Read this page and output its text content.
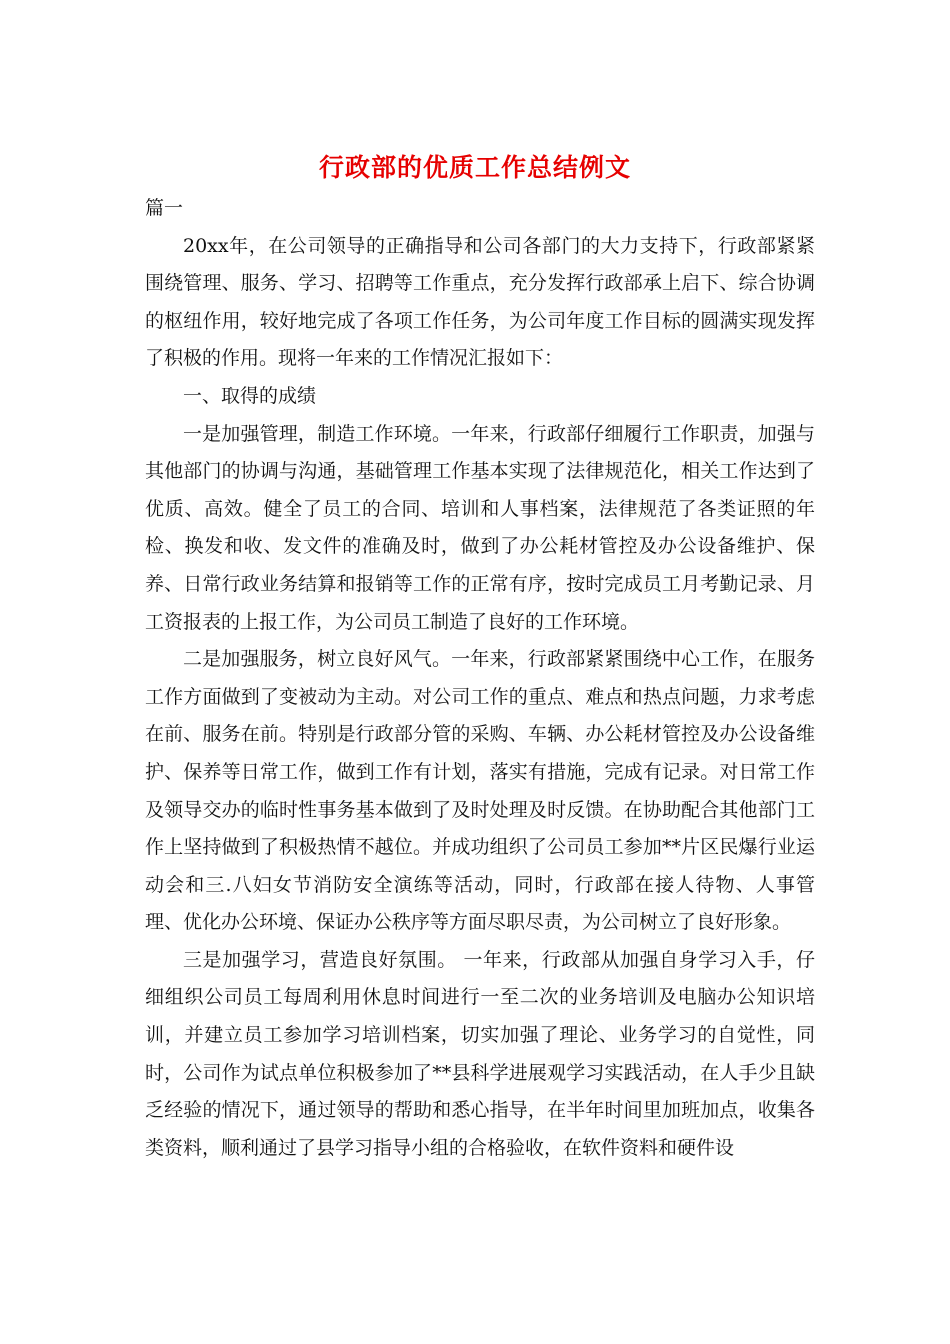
行政部的优质工作总结例文

篇一

20xx年，在公司领导的正确指导和公司各部门的大力支持下，行政部紧紧围绕管理、服务、学习、招聘等工作重点，充分发挥行政部承上启下、综合协调的枢纽作用，较好地完成了各项工作任务，为公司年度工作目标的圆满实现发挥了积极的作用。现将一年来的工作情况汇报如下：

一、取得的成绩

一是加强管理，制造工作环境。一年来，行政部仔细履行工作职责，加强与其他部门的协调与沟通，基础管理工作基本实现了法律规范化，相关工作达到了优质、高效。健全了员工的合同、培训和人事档案，法律规范了各类证照的年检、换发和收、发文件的准确及时，做到了办公耗材管控及办公设备维护、保养、日常行政业务结算和报销等工作的正常有序，按时完成员工月考勤记录、月工资报表的上报工作，为公司员工制造了良好的工作环境。

二是加强服务，树立良好风气。一年来，行政部紧紧围绕中心工作，在服务工作方面做到了变被动为主动。对公司工作的重点、难点和热点问题，力求考虑在前、服务在前。特别是行政部分管的采购、车辆、办公耗材管控及办公设备维护、保养等日常工作，做到工作有计划，落实有措施，完成有记录。对日常工作及领导交办的临时性事务基本做到了及时处理及时反馈。在协助配合其他部门工作上坚持做到了积极热情不越位。并成功组织了公司员工参加**片区民爆行业运动会和三.八妇女节消防安全演练等活动，同时，行政部在接人待物、人事管理、优化办公环境、保证办公秩序等方面尽职尽责，为公司树立了良好形象。

三是加强学习，营造良好氛围。 一年来，行政部从加强自身学习入手，仔细组织公司员工每周利用休息时间进行一至二次的业务培训及电脑办公知识培训，并建立员工参加学习培训档案，切实加强了理论、业务学习的自觉性，同时，公司作为试点单位积极参加了**县科学进展观学习实践活动，在人手少且缺乏经验的情况下，通过领导的帮助和悉心指导，在半年时间里加班加点，收集各类资料，顺利通过了县学习指导小组的合格验收，在软件资料和硬件设
